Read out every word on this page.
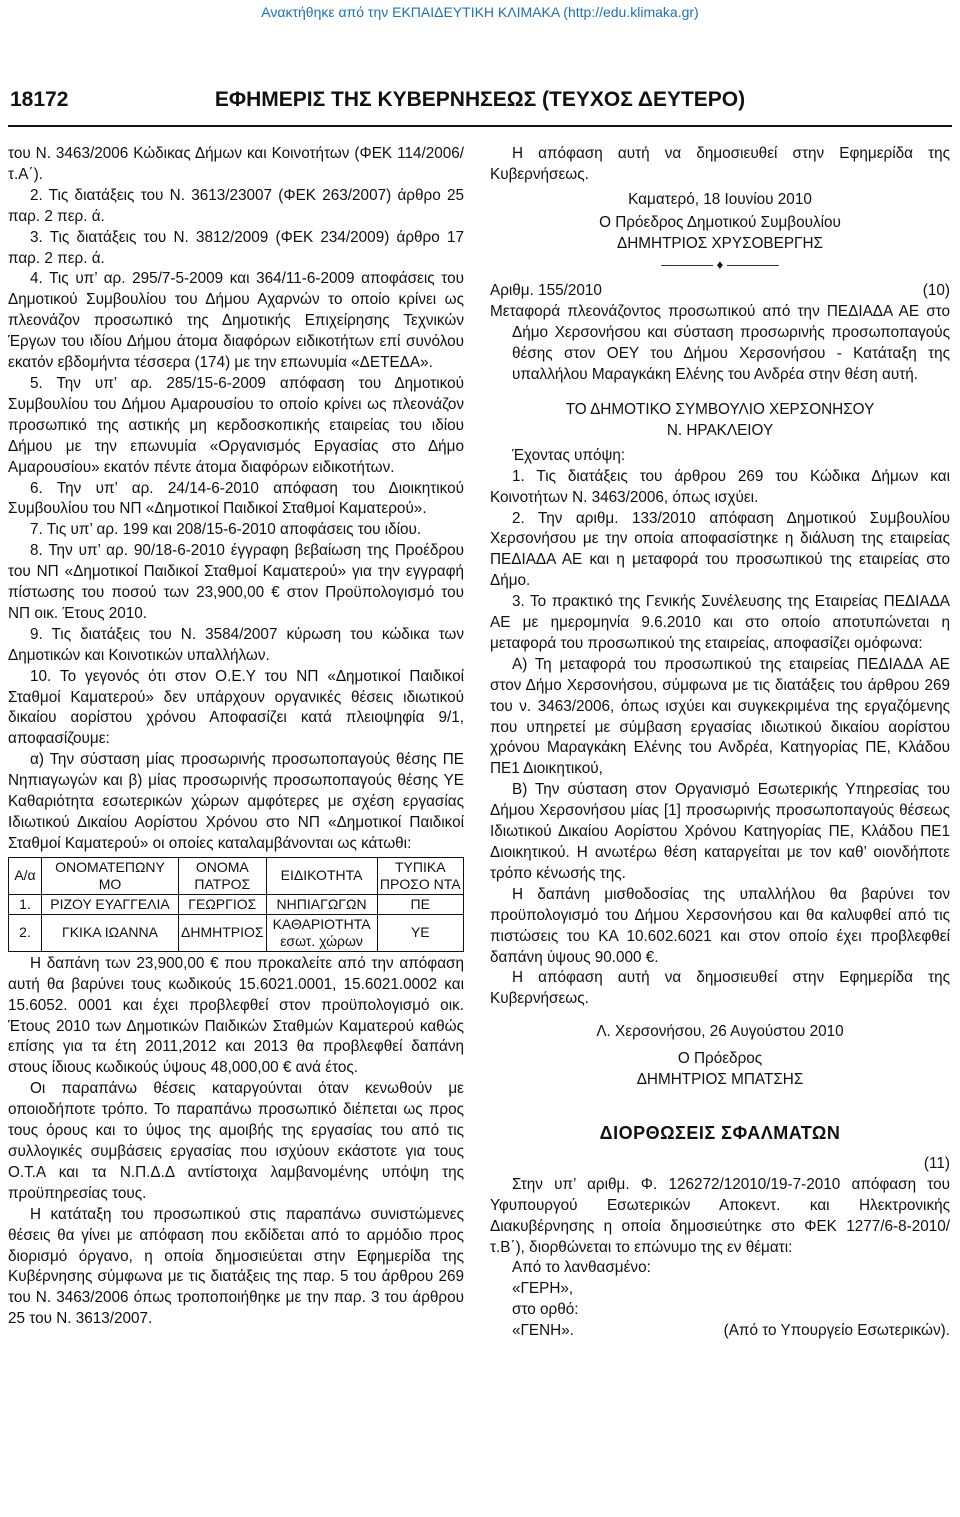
Ανακτήθηκε από την ΕΚΠΑΙΔΕΥΤΙΚΗ ΚΛΙΜΑΚΑ (http://edu.klimaka.gr)
ΕΦΗΜΕΡΙΣ ΤΗΣ ΚΥΒΕΡΝΗΣΕΩΣ (ΤΕΥΧΟΣ ΔΕΥΤΕΡΟ)
18172

του Ν. 3463/2006 Κώδικας Δήμων και Κοινοτήτων (ΦΕΚ 114/2006/τ.Α΄).

2. Τις διατάξεις του Ν. 3613/23007 (ΦΕΚ 263/2007) άρθρο 25 παρ. 2 περ. ά.

3. Τις διατάξεις του Ν. 3812/2009 (ΦΕΚ 234/2009) άρθρο 17 παρ. 2 περ. ά.

4. Τις υπ’ αρ. 295/7-5-2009 και 364/11-6-2009 αποφάσεις του Δημοτικού Συμβουλίου του Δήμου Αχαρνών το οποίο κρίνει ως πλεονάζον προσωπικό της Δημοτικής Επιχείρησης Τεχνικών Έργων του ιδίου Δήμου άτομα διαφόρων ειδικοτήτων επί συνόλου εκατόν εβδομήντα τέσσερα (174) με την επωνυμία «ΔΕΤΕΔΑ».

5. Την υπ’ αρ. 285/15-6-2009 απόφαση του Δημοτικού Συμβουλίου του Δήμου Αμαρουσίου το οποίο κρίνει ως πλεονάζον προσωπικό της αστικής μη κερδοσκοπικής εταιρείας του ιδίου Δήμου με την επωνυμία «Οργανισμός Εργασίας στο Δήμο Αμαρουσίου» εκατόν πέντε άτομα διαφόρων ειδικοτήτων.

6. Την υπ’ αρ. 24/14-6-2010 απόφαση του Διοικητικού Συμβουλίου του ΝΠ «Δημοτικοί Παιδικοί Σταθμοί Καματερού».

7. Τις υπ’ αρ. 199 και 208/15-6-2010 αποφάσεις του ιδίου.

8. Την υπ’ αρ. 90/18-6-2010 έγγραφη βεβαίωση της Προέδρου του ΝΠ «Δημοτικοί Παιδικοί Σταθμοί Καματερού» για την εγγραφή πίστωσης του ποσού των 23,900,00 € στον Προϋπολογισμό του ΝΠ οικ. Έτους 2010.

9. Τις διατάξεις του Ν. 3584/2007 κύρωση του κώδικα των Δημοτικών και Κοινοτικών υπαλλήλων.

10. Το γεγονός ότι στον Ο.Ε.Υ του ΝΠ «Δημοτικοί Παιδικοί Σταθμοί Καματερού» δεν υπάρχουν οργανικές θέσεις ιδιωτικού δικαίου αορίστου χρόνου Αποφασίζει κατά πλειοψηφία 9/1, αποφασίζουμε:

α) Την σύσταση μίας προσωρινής προσωποπαγούς θέσης ΠΕ Νηπιαγωγών και β) μίας προσωρινής προσωποπαγούς θέσης ΥΕ Καθαριότητα εσωτερικών χώρων αμφότερες με σχέση εργασίας Ιδιωτικού Δικαίου Αορίστου Χρόνου στο ΝΠ «Δημοτικοί Παιδικοί Σταθμοί Καματερού» οι οποίες καταλαμβάνονται ως κάτωθι:

Α/α	ΟΝΟΜΑΤΕΠΩΝΥ ΜΟ	ΟΝΟΜΑ ΠΑΤΡΟΣ	ΕΙΔΙΚΟΤΗΤΑ	ΤΥΠΙΚΑ ΠΡΟΣΟ ΝΤΑ
1.	ΡΙΖΟΥ ΕΥΑΓΓΕΛΙΑ	ΓΕΩΡΓΙΟΣ	ΝΗΠΙΑΓΩΓΩΝ	ΠΕ
2.	ΓΚΙΚΑ ΙΩΑΝΝΑ	ΔΗΜΗΤΡΙΟΣ	ΚΑΘΑΡΙΟΤΗΤΑ εσωτ. χώρων	ΥΕ

Η δαπάνη των 23,900,00 € που προκαλείτε από την απόφαση αυτή θα βαρύνει τους κωδικούς 15.6021.0001, 15.6021.0002 και 15.6052. 0001 και έχει προβλεφθεί στον προϋπολογισμό οικ. Έτους 2010 των Δημοτικών Παιδικών Σταθμών Καματερού καθώς επίσης για τα έτη 2011,2012 και 2013 θα προβλεφθεί δαπάνη στους ίδιους κωδικούς ύψους 48,000,00 € ανά έτος.

Οι παραπάνω θέσεις καταργούνται όταν κενωθούν με οποιοδήποτε τρόπο. Το παραπάνω προσωπικό διέπεται ως προς τους όρους και το ύψος της αμοιβής της εργασίας του από τις συλλογικές συμβάσεις εργασίας που ισχύουν εκάστοτε για τους Ο.Τ.Α και τα Ν.Π.Δ.Δ αντίστοιχα λαμβανομένης υπόψη της προϋπηρεσίας τους.

Η κατάταξη του προσωπικού στις παραπάνω συνιστώμενες θέσεις θα γίνει με απόφαση που εκδίδεται από το αρμόδιο προς διορισμό όργανο, η οποία δημοσιεύεται στην Εφημερίδα της Κυβέρνησης σύμφωνα με τις διατάξεις της παρ. 5 του άρθρου 269 του Ν. 3463/2006 όπως τροποποιήθηκε με την παρ. 3 του άρθρου 25 του Ν. 3613/2007.

Η απόφαση αυτή να δημοσιευθεί στην Εφημερίδα της Κυβερνήσεως.

Καματερό, 18 Ιουνίου 2010

Ο Πρόεδρος Δημοτικού Συμβουλίου

ΔΗΜΗΤΡΙΟΣ ΧΡΥΣΟΒΕΡΓΗΣ

———— ♦ ————

Αριθμ. 155/2010	(10)

Μεταφορά πλεονάζοντος προσωπικού από την ΠΕΔΙΑΔΑ ΑΕ στο Δήμο Χερσονήσου και σύσταση προσωρινής προσωποπαγούς θέσης στον ΟΕΥ του Δήμου Χερσονήσου - Κατάταξη της υπαλλήλου Μαραγκάκη Ελένης του Ανδρέα στην θέση αυτή.

ΤΟ ΔΗΜΟΤΙΚΟ ΣΥΜΒΟΥΛΙΟ ΧΕΡΣΟΝΗΣΟΥ

Ν. ΗΡΑΚΛΕΙΟΥ

Έχοντας υπόψη:

1. Τις διατάξεις του άρθρου 269 του Κώδικα Δήμων και Κοινοτήτων Ν. 3463/2006, όπως ισχύει.

2. Την αριθμ. 133/2010 απόφαση Δημοτικού Συμβουλίου Χερσονήσου με την οποία αποφασίστηκε η διάλυση της εταιρείας ΠΕΔΙΑΔΑ ΑΕ και η μεταφορά του προσωπικού της εταιρείας στο Δήμο.

3. Το πρακτικό της Γενικής Συνέλευσης της Εταιρείας ΠΕΔΙΑΔΑ ΑΕ με ημερομηνία 9.6.2010 και στο οποίο αποτυπώνεται η μεταφορά του προσωπικού της εταιρείας, αποφασίζει ομόφωνα:

Α) Τη μεταφορά του προσωπικού της εταιρείας ΠΕΔΙΑΔΑ ΑΕ στον Δήμο Χερσονήσου, σύμφωνα με τις διατάξεις του άρθρου 269 του ν. 3463/2006, όπως ισχύει και συγκεκριμένα της εργαζόμενης που υπηρετεί με σύμβαση εργασίας ιδιωτικού δικαίου αορίστου χρόνου Μαραγκάκη Ελένης του Ανδρέα, Κατηγορίας ΠΕ, Κλάδου ΠΕ1 Διοικητικού,

Β) Την σύσταση στον Οργανισμό Εσωτερικής Υπηρεσίας του Δήμου Χερσονήσου μίας [1] προσωρινής προσωποπαγούς θέσεως Ιδιωτικού Δικαίου Αορίστου Χρόνου Κατηγορίας ΠΕ, Κλάδου ΠΕ1 Διοικητικού. Η ανωτέρω θέση καταργείται με τον καθ’ οιονδήποτε τρόπο κένωσής της.

Η δαπάνη μισθοδοσίας της υπαλλήλου θα βαρύνει τον προϋπολογισμό του Δήμου Χερσονήσου και θα καλυφθεί από τις πιστώσεις του ΚΑ 10.602.6021 και στον οποίο έχει προβλεφθεί δαπάνη ύψους 90.000 €.

Η απόφαση αυτή να δημοσιευθεί στην Εφημερίδα της Κυβερνήσεως.

Λ. Χερσονήσου, 26 Αυγούστου 2010

Ο Πρόεδρος

ΔΗΜΗΤΡΙΟΣ ΜΠΑΤΣΗΣ

ΔΙΟΡΘΩΣΕΙΣ ΣΦΑΛΜΑΤΩΝ

(11)

Στην υπ’ αριθμ. Φ. 126272/12010/19-7-2010 απόφαση του Υφυπουργού Εσωτερικών Αποκεντ. και Ηλεκτρονικής Διακυβέρνησης η οποία δημοσιεύτηκε στο ΦΕΚ 1277/6-8-2010/τ.Β΄), διορθώνεται το επώνυμο της εν θέματι:

Από το λανθασμένο:

«ΓΕΡΗ»,

στο ορθό:

«ΓΕΝΗ».	(Από το Υπουργείο Εσωτερικών).
